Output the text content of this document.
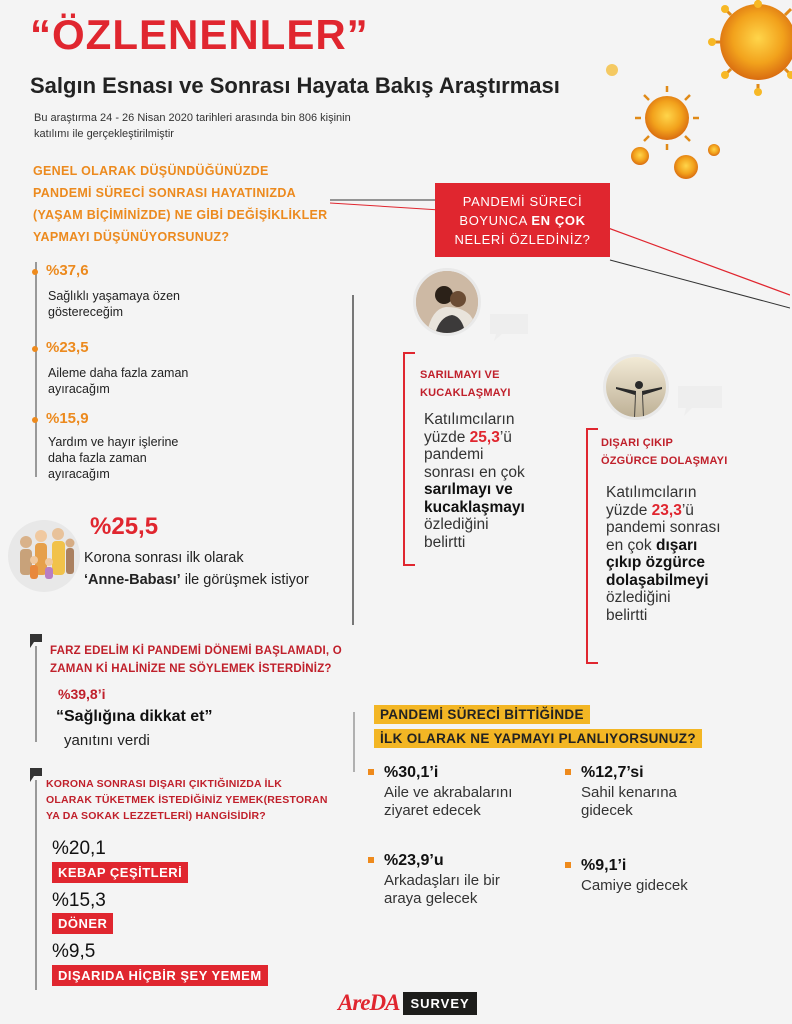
“ÖZLENENLER”
Salgın Esnası ve Sonrası Hayata Bakış Araştırması
Bu araştırma 24 - 26 Nisan 2020 tarihleri arasında bin 806 kişinin
katılımı ile gerçekleştirilmiştir
GENEL OLARAK DÜŞÜNDÜĞÜNÜZDE
PANDEMİ SÜRECİ SONRASI HAYATINIZDA
(YAŞAM BİÇİMİNİZDE) NE GİBİ DEĞİŞİKLİKLER
YAPMAYI DÜŞÜNÜYORSUNUZ?
%37,6
Sağlıklı yaşamaya özen
göstereceğim
%23,5
Aileme daha fazla zaman
ayıracağım
%15,9
Yardım ve hayır işlerine
daha fazla zaman
ayıracağım
%25,5
Korona sonrası ilk olarak
‘Anne-Babası’ ile görüşmek istiyor
FARZ EDELİM Kİ PANDEMİ DÖNEMİ BAŞLAMADI, O
ZAMAN Kİ HALİNİZE NE SÖYLEMEK İSTERDİNİZ?
%39,8’i
“Sağlığına dikkat et”
yanıtını verdi
KORONA SONRASI DIŞARI ÇIKTIĞINIZDA İLK
OLARAK TÜKETMEK İSTEDİĞİNİZ YEMEK(RESTORAN
YA DA SOKAK LEZZETLERİ) HANGİSİDİR?
%20,1
KEBAP ÇEŞİTLERİ
%15,3
DÖNER
%9,5
DIŞARIDA HİÇBİR ŞEY YEMEM
PANDEMİ SÜRECİ
BOYUNCA EN ÇOK
NELERİ ÖZLEDİNİZ?
SARILMAYI VE
KUCAKLAŞMAYI
Katılımcıların
yüzde 25,3’ü
pandemi
sonrası en çok
sarılmayı ve
kucaklaşmayı
özlediğini
belirtti
DIŞARI ÇIKIP
ÖZGÜRCE DOLAŞMAYI
Katılımcıların
yüzde 23,3’ü
pandemi sonrası
en çok dışarı
çıkıp özgürce
dolaşabilmeyi
özlediğini
belirtti
PANDEMİ SÜRECİ BİTTİĞİNDE
İLK OLARAK NE YAPMAYI PLANLIYORSUNUZ?
%30,1’i
Aile ve akrabalarını
ziyaret edecek
%12,7’si
Sahil kenarına
gidecek
%23,9’u
Arkadaşları ile bir
araya gelecek
%9,1’i
Camiye gidecek
AreDA SURVEY
